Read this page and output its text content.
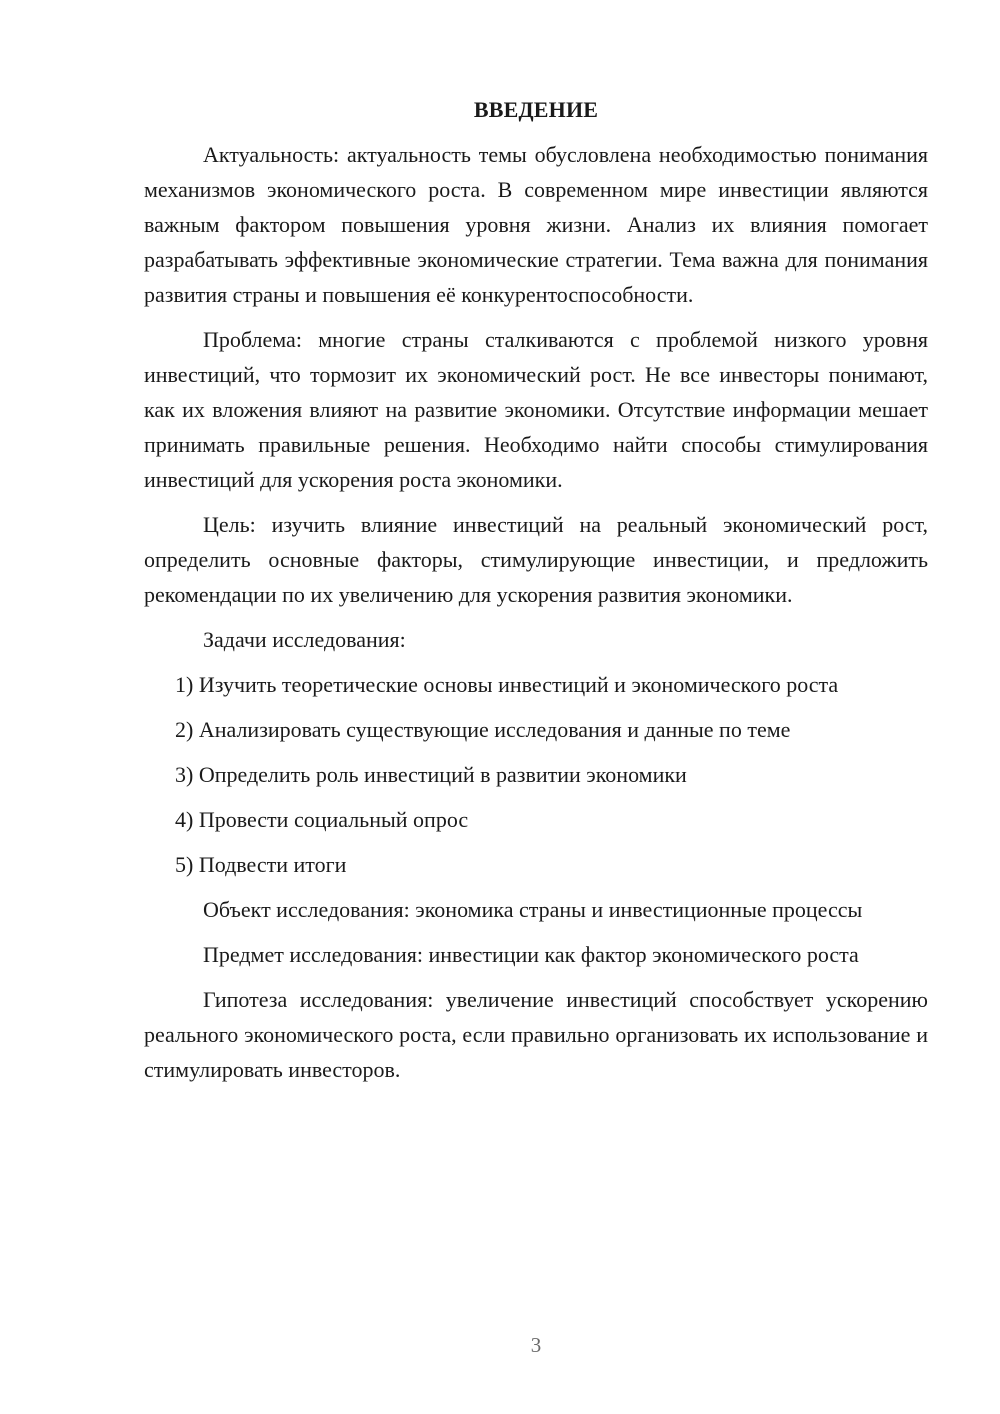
ВВЕДЕНИЕ

Актуальность: актуальность темы обусловлена необходимостью понимания механизмов экономического роста. В современном мире инвестиции являются важным фактором повышения уровня жизни. Анализ их влияния помогает разрабатывать эффективные экономические стратегии. Тема важна для понимания развития страны и повышения её конкурентоспособности.

Проблема: многие страны сталкиваются с проблемой низкого уровня инвестиций, что тормозит их экономический рост. Не все инвесторы понимают, как их вложения влияют на развитие экономики. Отсутствие информации мешает принимать правильные решения. Необходимо найти способы стимулирования инвестиций для ускорения роста экономики.

Цель: изучить влияние инвестиций на реальный экономический рост, определить основные факторы, стимулирующие инвестиции, и предложить рекомендации по их увеличению для ускорения развития экономики.

Задачи исследования:

1) Изучить теоретические основы инвестиций и экономического роста
2) Анализировать существующие исследования и данные по теме
3) Определить роль инвестиций в развитии экономики
4) Провести социальный опрос
5) Подвести итоги

Объект исследования: экономика страны и инвестиционные процессы

Предмет исследования: инвестиции как фактор экономического роста

Гипотеза исследования: увеличение инвестиций способствует ускорению реального экономического роста, если правильно организовать их использование и стимулировать инвесторов.

3
